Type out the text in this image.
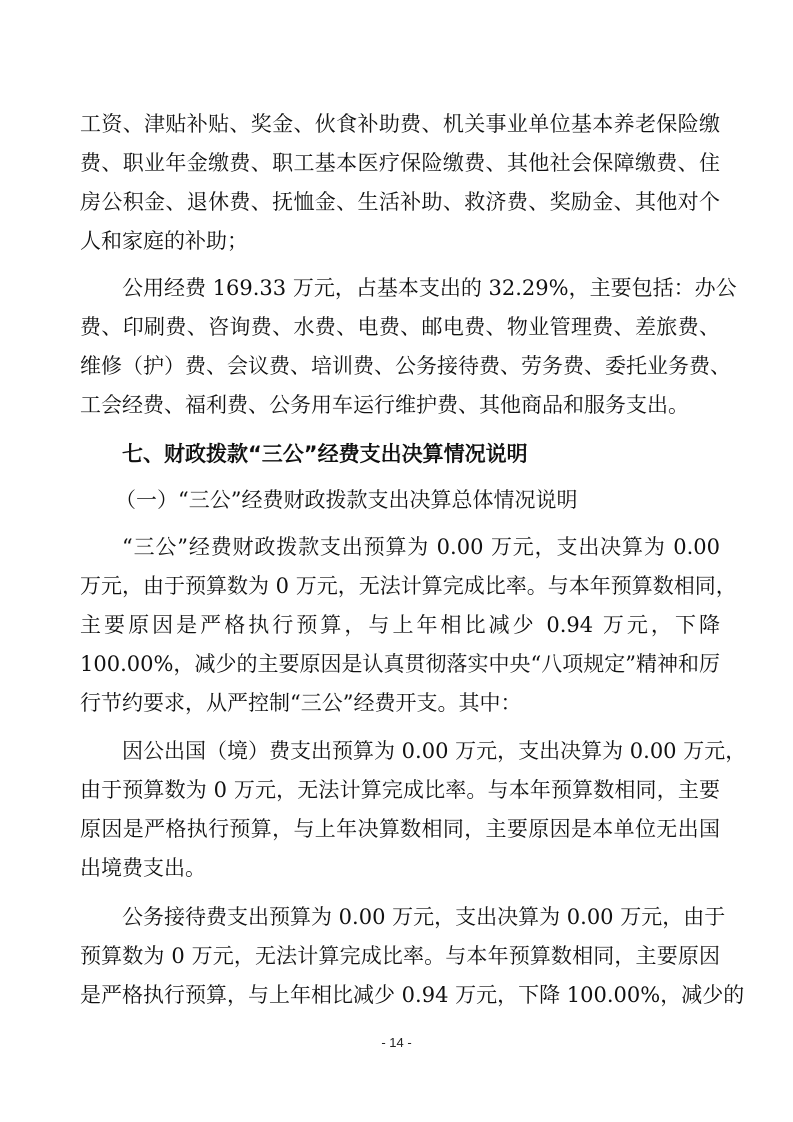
工资、津贴补贴、奖金、伙食补助费、机关事业单位基本养老保险缴

费、职业年金缴费、职工基本医疗保险缴费、其他社会保障缴费、住

房公积金、退休费、抚恤金、生活补助、救济费、奖励金、其他对个

人和家庭的补助；

公用经费 169.33 万元，占基本支出的 32.29%，主要包括：办公

费、印刷费、咨询费、水费、电费、邮电费、物业管理费、差旅费、

维修（护）费、会议费、培训费、公务接待费、劳务费、委托业务费、

工会经费、福利费、公务用车运行维护费、其他商品和服务支出。

七、财政拨款“三公”经费支出决算情况说明

（一）“三公”经费财政拨款支出决算总体情况说明

“三公”经费财政拨款支出预算为 0.00 万元，支出决算为 0.00

万元，由于预算数为 0 万元，无法计算完成比率。与本年预算数相同，

主要原因是严格执行预算，与上年相比减少 0.94 万元，下降

100.00%，减少的主要原因是认真贯彻落实中央“八项规定”精神和厉

行节约要求，从严控制“三公”经费开支。其中：

因公出国（境）费支出预算为 0.00 万元，支出决算为 0.00 万元，

由于预算数为 0 万元，无法计算完成比率。与本年预算数相同，主要

原因是严格执行预算，与上年决算数相同，主要原因是本单位无出国

出境费支出。

公务接待费支出预算为 0.00 万元，支出决算为 0.00 万元，由于

预算数为 0 万元，无法计算完成比率。与本年预算数相同，主要原因

是严格执行预算，与上年相比减少 0.94 万元，下降 100.00%，减少的

- 14 -
